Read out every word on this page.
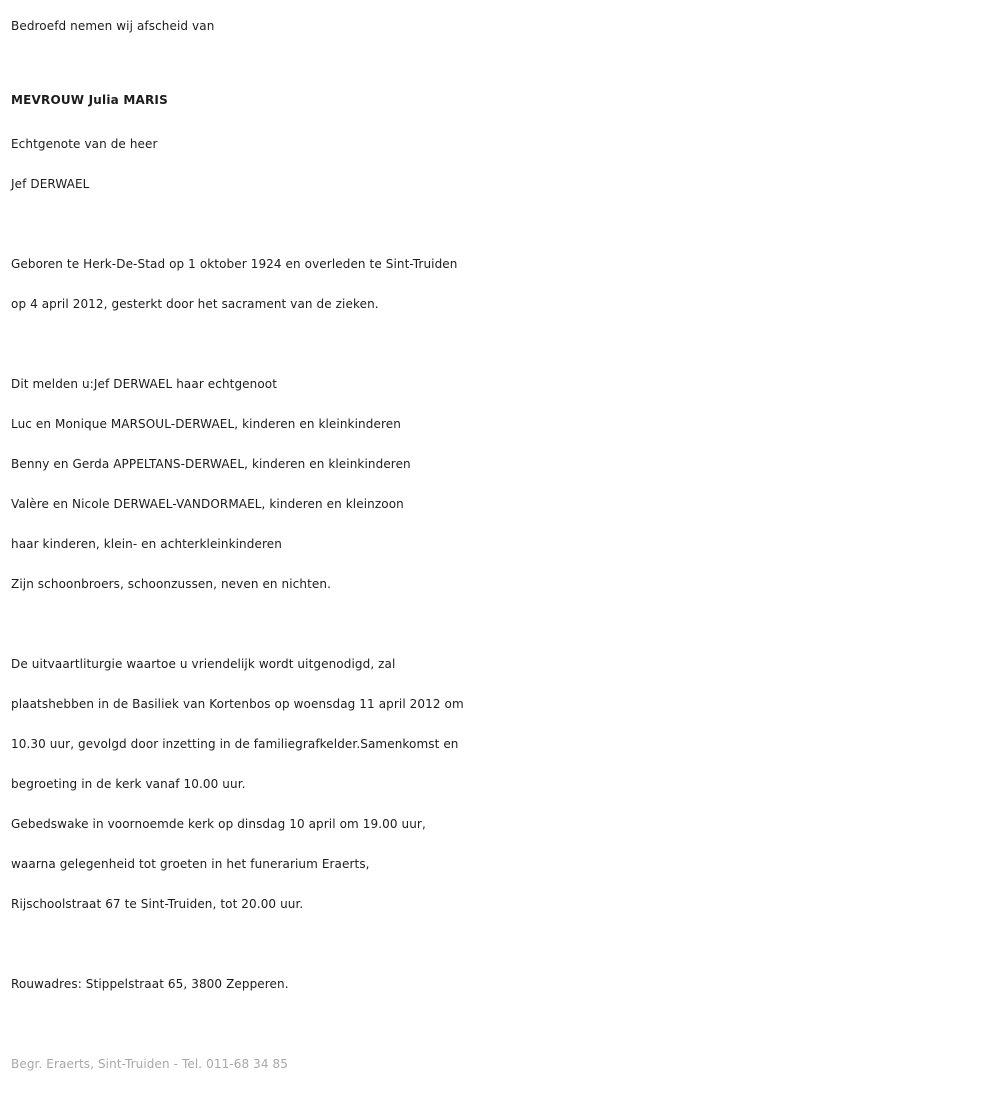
Bedroefd nemen wij afscheid van
MEVROUW Julia MARIS
Echtgenote van de heer
Jef DERWAEL
Geboren te Herk-De-Stad op 1 oktober 1924 en overleden te Sint-Truiden
op 4 april 2012, gesterkt door het sacrament van de zieken.
Dit melden u:Jef DERWAEL haar echtgenoot
Luc en Monique MARSOUL-DERWAEL, kinderen en kleinkinderen
Benny en Gerda APPELTANS-DERWAEL, kinderen en kleinkinderen
Valère en Nicole DERWAEL-VANDORMAEL, kinderen en kleinzoon
haar kinderen, klein- en achterkleinkinderen
Zijn schoonbroers, schoonzussen, neven en nichten.
De uitvaartliturgie waartoe u vriendelijk wordt uitgenodigd, zal
plaatshebben in de Basiliek van Kortenbos op woensdag 11 april 2012 om
10.30 uur, gevolgd door inzetting in de familiegrafkelder.Samenkomst en
begroeting in de kerk vanaf 10.00 uur.
Gebedswake in voornoemde kerk op dinsdag 10 april om 19.00 uur,
waarna gelegenheid tot groeten in het funerarium Eraerts,
Rijschoolstraat 67 te Sint-Truiden, tot 20.00 uur.
Rouwadres: Stippelstraat 65, 3800 Zepperen.
Begr. Eraerts, Sint-Truiden - Tel. 011-68 34 85
